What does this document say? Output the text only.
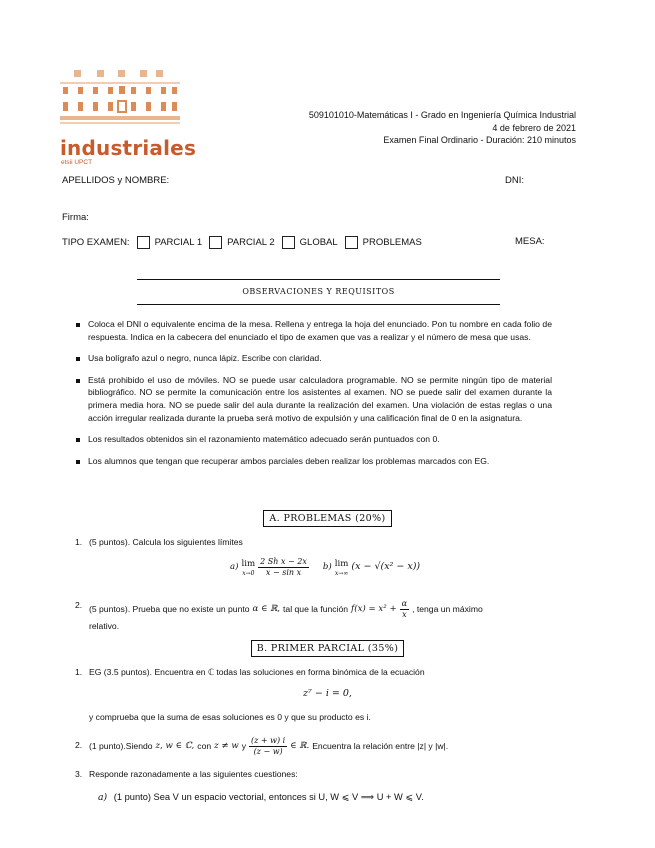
industriales
etsii UPCT
509101010-Matemáticas I - Grado en Ingeniería Química Industrial
4 de febrero de 2021
Examen Final Ordinario - Duración: 210 minutos
APELLIDOS y NOMBRE:	DNI:
Firma:
TIPO EXAMEN:	PARCIAL 1	PARCIAL 2	GLOBAL	PROBLEMAS	MESA:
OBSERVACIONES Y REQUISITOS
Coloca el DNI o equivalente encima de la mesa. Rellena y entrega la hoja del enunciado. Pon tu nombre en cada folio de respuesta. Indica en la cabecera del enunciado el tipo de examen que vas a realizar y el número de mesa que usas.
Usa bolígrafo azul o negro, nunca lápiz. Escribe con claridad.
Está prohibido el uso de móviles. NO se puede usar calculadora programable. NO se permite ningún tipo de material bibliográfico. NO se permite la comunicación entre los asistentes al examen. NO se puede salir del examen durante la primera media hora. NO se puede salir del aula durante la realización del examen. Una violación de estas reglas o una acción irregular realizada durante la prueba será motivo de expulsión y una calificación final de 0 en la asignatura.
Los resultados obtenidos sin el razonamiento matemático adecuado serán puntuados con 0.
Los alumnos que tengan que recuperar ambos parciales deben realizar los problemas marcados con EG.
A. PROBLEMAS (20%)
1. (5 puntos). Calcula los siguientes límites
a) lim
$x\to 0 \frac{\text{2 Sh x − 2x}}{\text{x − sin x}} b$) lim
x→∞
(x − √(x² − x))
2. (5 puntos). Prueba que no existe un punto α ∈ ℝ, tal que la función $f(x) = x^2 + \frac{\alpha}{x}$ , tenga un máximo
relativo.
B. PRIMER PARCIAL (35%)
1. EG (3.5 puntos). Encuentra en ℂ todas las soluciones en forma binómica de la ecuación
z⁷ − i = 0,
y comprueba que la suma de esas soluciones es 0 y que su producto es i.
2. (1 punto).Siendo z, w ∈ ℂ, con z ≠ w y $\frac{(z + w) i}{(z - w)}$ ∈ ℝ. Encuentra la relación entre |z| y |w|.
3. Responde razonadamente a las siguientes cuestiones:
a) (1 punto) Sea V un espacio vectorial, entonces si U, W ⩽ V ⟹ U + W ⩽ V.
